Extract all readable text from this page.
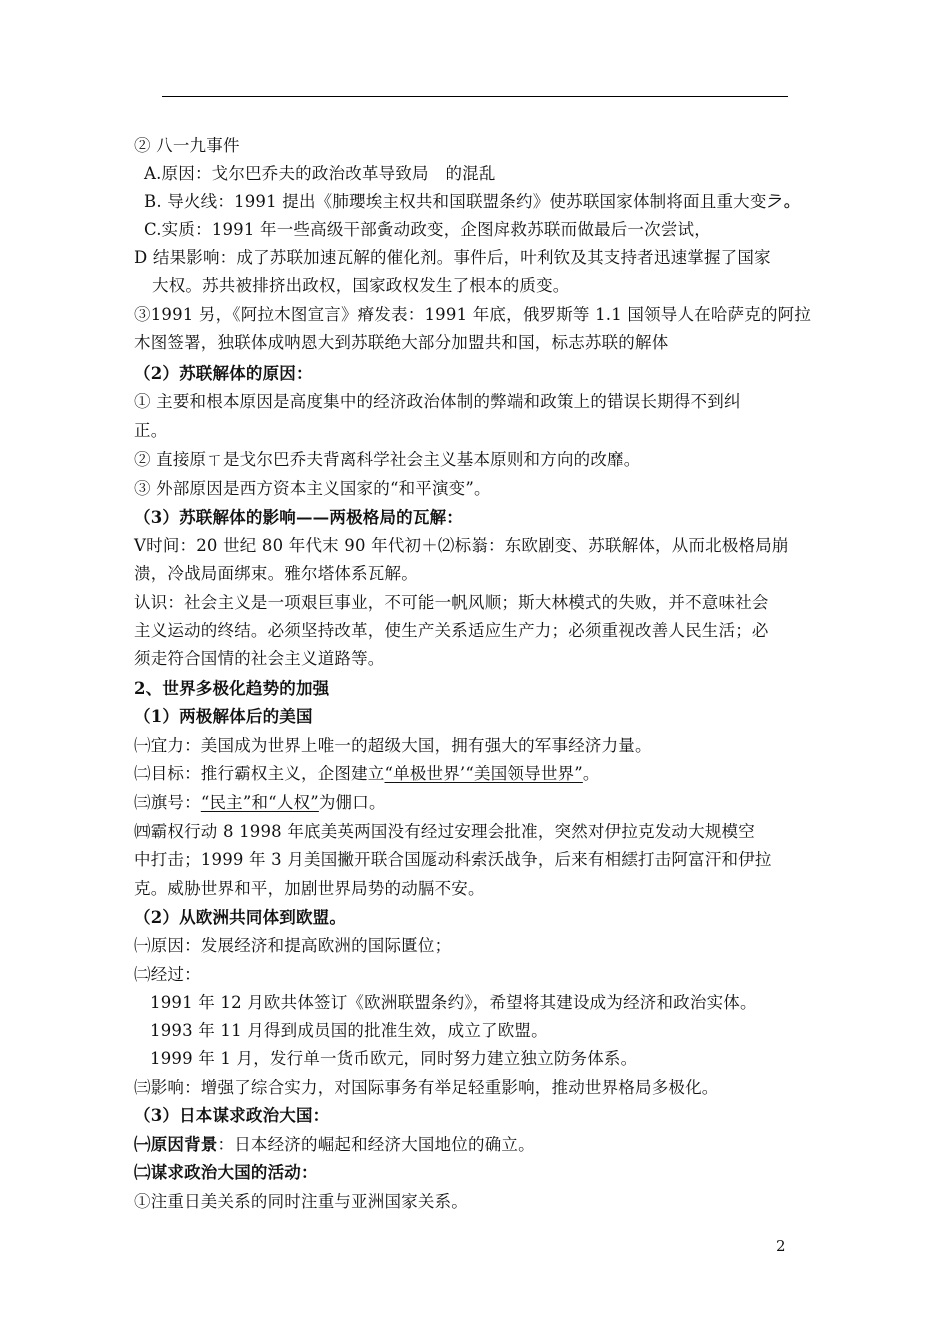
② 八一九事件
A.原因：戈尔巴乔夫的政治改革导致局　的混乱
B. 导火线：1991 提出《肺瓔埃主权共和国联盟条约》使苏联国家体制将面且重大变𛀀。
C.实质：1991 年一些高级干部夤动政变，企图戽救苏联而做最后一次尝试，
D 结果影响：成了苏联加速瓦解的催化剂。事件后，叶利钦及其支持者迅速掌握了国家
大权。苏共被排挤出政权，国家政权发生了根本的质变。
③1991 另，《阿拉木图宣言》瘠发表：1991 年底，俄罗斯等 1.1 国领导人在哈萨克的阿拉
木图签署，独联体成呐恩大到苏联绝大部分加盟共和国，标志苏联的解体
（2）苏联解体的原因：
① 主要和根本原因是高度集中的经济政治体制的弊端和政策上的错误长期得不到纠
正。
② 直接原ㄒ是戈尔巴乔夫背离科学社会主义基本原则和方向的改靡。
③ 外部原因是西方资本主义国家的“和平演变”。
（3）苏联解体的影响——两极格局的瓦解：
Ⅴ时间：20 世纪 80 年代末 90 年代初＋⑵标嵡：东欧剧变、苏联解体，从而北极格局崩
溃，冷战局面绑束。雅尔塔体系瓦解。
认识：社会主义是一项艰巨事业，不可能一帆风顺；斯大林模式的失败，并不意味社会
主义运动的终结。必须坚持改革，使生产关系适应生产力；必须重视改善人民生活；必
须走符合国情的社会主义道路等。
2、世界多极化趋势的加强
（1）两极解体后的美国
㈠宜力：美国成为世界上唯一的超级大国，拥有强大的军事经济力量。
㈡目标：推行霸权主义，企图建立“单极世界’“美国领导世界”。
㈢旗号：“民主”和“人权”为倗口。
㈣霸权行动 8 1998 年底美英两国没有经过安理会批准，突然对伊拉克发动大规模空
中打击；1999 年 3 月美国撇开联合国厖动科索沃战争，后来有相繧打击阿富汗和伊拉
克。威胁世界和平，加剧世界局势的动膈不安。
（2）从欧洲共同体到欧盟。
㈠原因：发展经济和提高欧洲的国际匱位；
㈡经过：
1991 年 12 月欧共体签订《欧洲联盟条约》，希望将其建设成为经济和政治实体。
1993 年 11 月得到成员国的批准生效，成立了欧盟。
1999 年 1 月，发行单一货币欧元，同时努力建立独立防务体系。
㈢影响：增强了综合实力，对国际事务有举足轻重影响，推动世界格局多极化。
（3）日本谋求政治大国：
㈠原因背景：日本经济的崛起和经济大国地位的确立。
㈡谋求政治大国的活动：
①注重日美关系的同时注重与亚洲国家关系。
2
